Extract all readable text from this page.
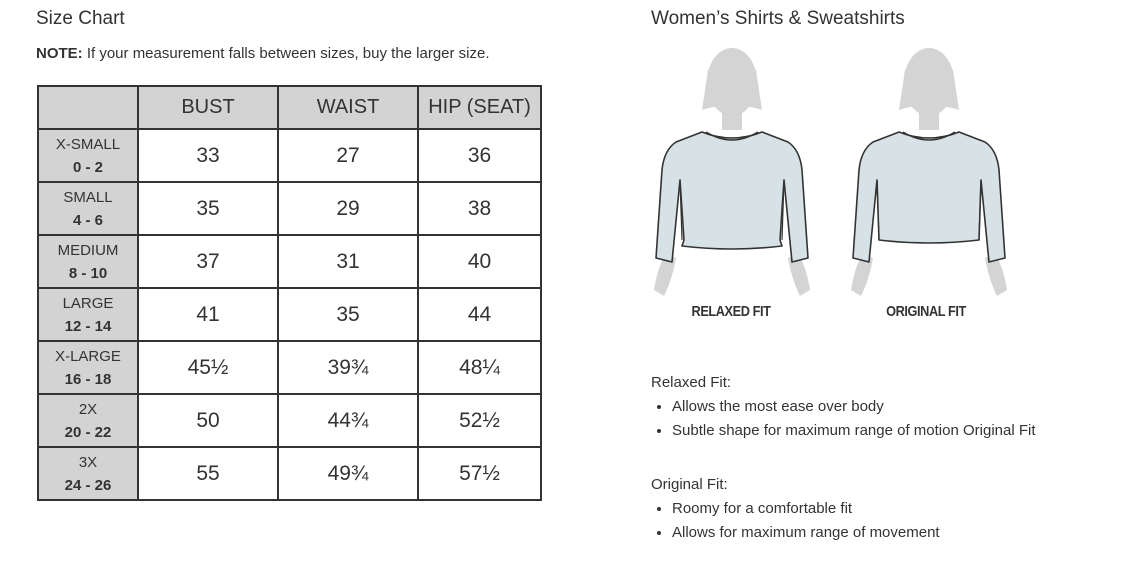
Size Chart
NOTE: If your measurement falls between sizes, buy the larger size.
	BUST	WAIST	HIP (SEAT)
X-SMALL
0 - 2	33	27	36
SMALL
4 - 6	35	29	38
MEDIUM
8 - 10	37	31	40
LARGE
12 - 14	41	35	44
X-LARGE
16 - 18	45½	39¾	48¼
2X
20 - 22	50	44¾	52½
3X
24 - 26	55	49¾	57½
Women’s Shirts & Sweatshirts
RELAXED FIT	ORIGINAL FIT

Relaxed Fit:

• Allows the most ease over body
• Subtle shape for maximum range of motion Original Fit

Original Fit:

• Roomy for a comfortable fit
• Allows for maximum range of movement
